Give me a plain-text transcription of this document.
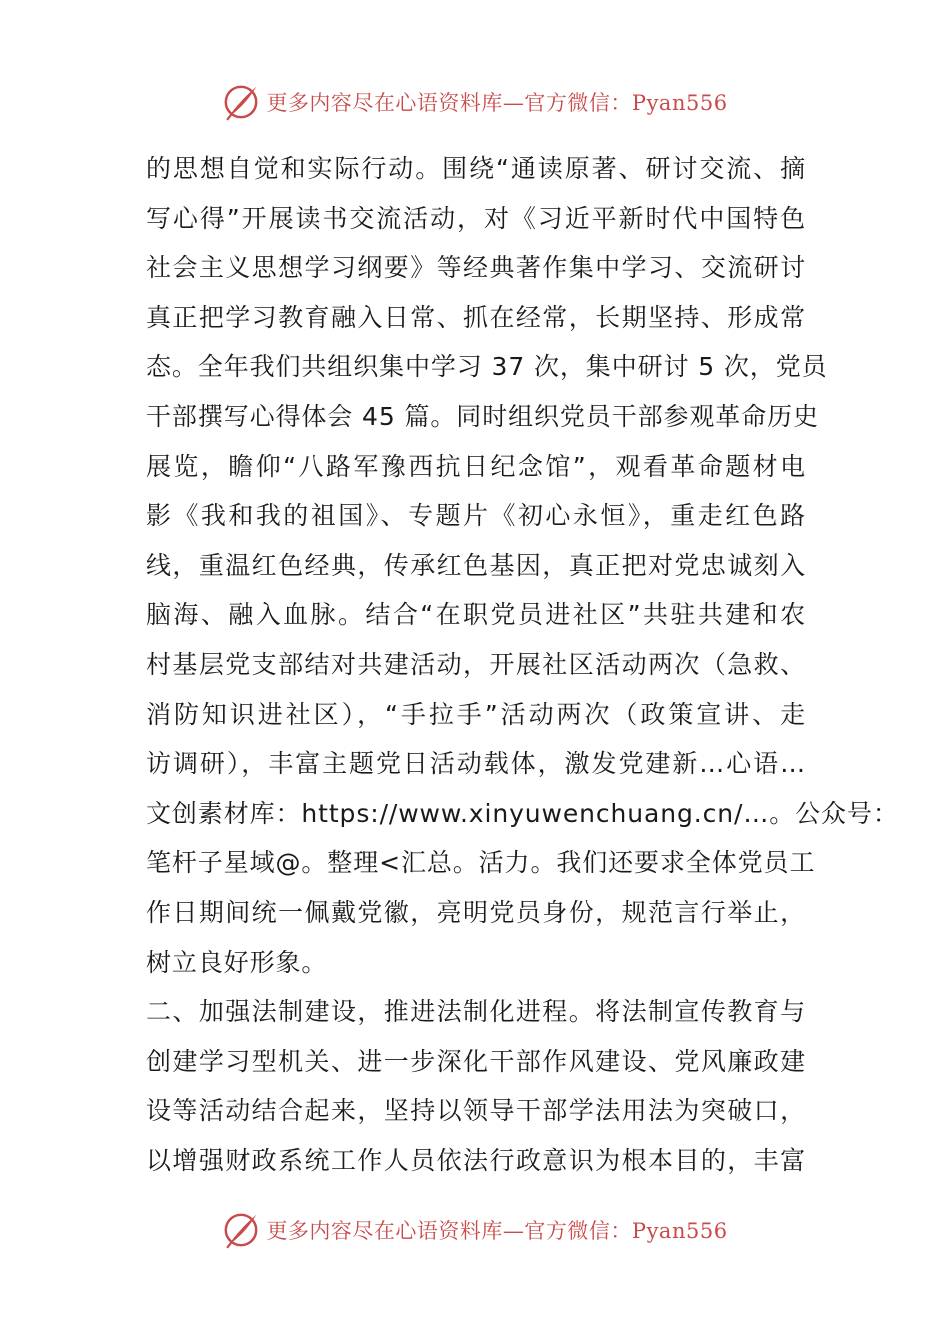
更多内容尽在心语资料库—官方微信：Pyan556
的思想自觉和实际行动。围绕“通读原著、研讨交流、摘
写心得”开展读书交流活动，对《习近平新时代中国特色
社会主义思想学习纲要》等经典著作集中学习、交流研讨
真正把学习教育融入日常、抓在经常，长期坚持、形成常
态。全年我们共组织集中学习 37 次，集中研讨 5 次，党员
干部撰写心得体会 45 篇。同时组织党员干部参观革命历史
展览，瞻仰“八路军豫西抗日纪念馆”，观看革命题材电
影《我和我的祖国》、专题片《初心永恒》，重走红色路
线，重温红色经典，传承红色基因，真正把对党忠诚刻入
脑海、融入血脉。结合“在职党员进社区”共驻共建和农
村基层党支部结对共建活动，开展社区活动两次（急救、
消防知识进社区），“手拉手”活动两次（政策宣讲、走
访调研），丰富主题党日活动载体，激发党建新…心语…
文创素材库：https://www.xinyuwenchuang.cn/…。公众号：
笔杆子星域@。整理<汇总。活力。我们还要求全体党员工
作日期间统一佩戴党徽，亮明党员身份，规范言行举止，
树立良好形象。
二、加强法制建设，推进法制化进程。将法制宣传教育与
创建学习型机关、进一步深化干部作风建设、党风廉政建
设等活动结合起来，坚持以领导干部学法用法为突破口，
以增强财政系统工作人员依法行政意识为根本目的，丰富
更多内容尽在心语资料库—官方微信：Pyan556
